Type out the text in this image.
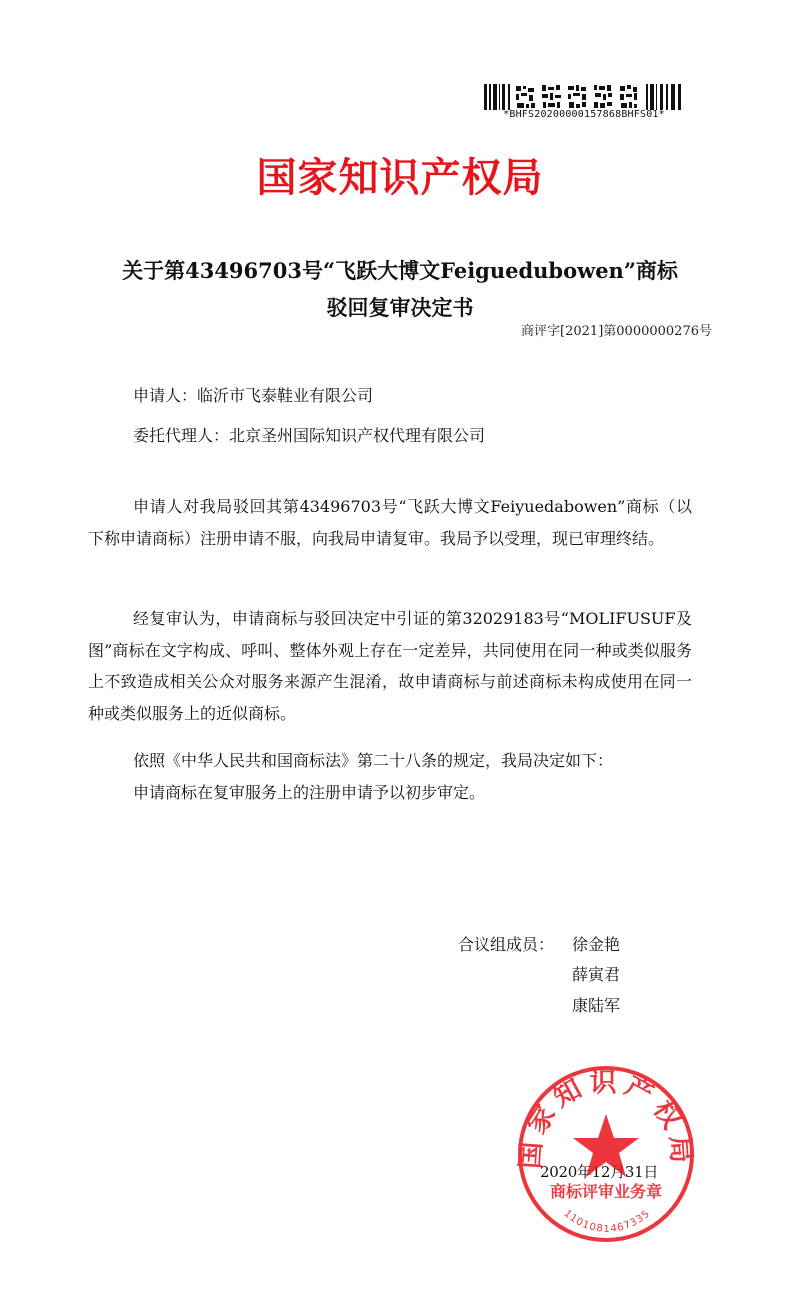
*BHFS20200000157868BHFS01*
国家知识产权局
关于第43496703号“飞跃大博文Feiguedubowen”商标
驳回复审决定书
商评字[2021]第0000000276号
申请人：临沂市飞泰鞋业有限公司
委托代理人：北京圣州国际知识产权代理有限公司

申请人对我局驳回其第43496703号“飞跃大博文Feiyuedabowen”商标（以下称申请商标）注册申请不服，向我局申请复审。我局予以受理，现已审理终结。

经复审认为，申请商标与驳回决定中引证的第32029183号“MOLIFUSUF及图”商标在文字构成、呼叫、整体外观上存在一定差异，共同使用在同一种或类似服务上不致造成相关公众对服务来源产生混淆，故申请商标与前述商标未构成使用在同一种或类似服务上的近似商标。

依照《中华人民共和国商标法》第二十八条的规定，我局决定如下：

申请商标在复审服务上的注册申请予以初步审定。

合议组成员： 徐金艳
薛寅君
康陆军
2020年12月31日
国家知识产权局
商标评审业务章
1101081467335
